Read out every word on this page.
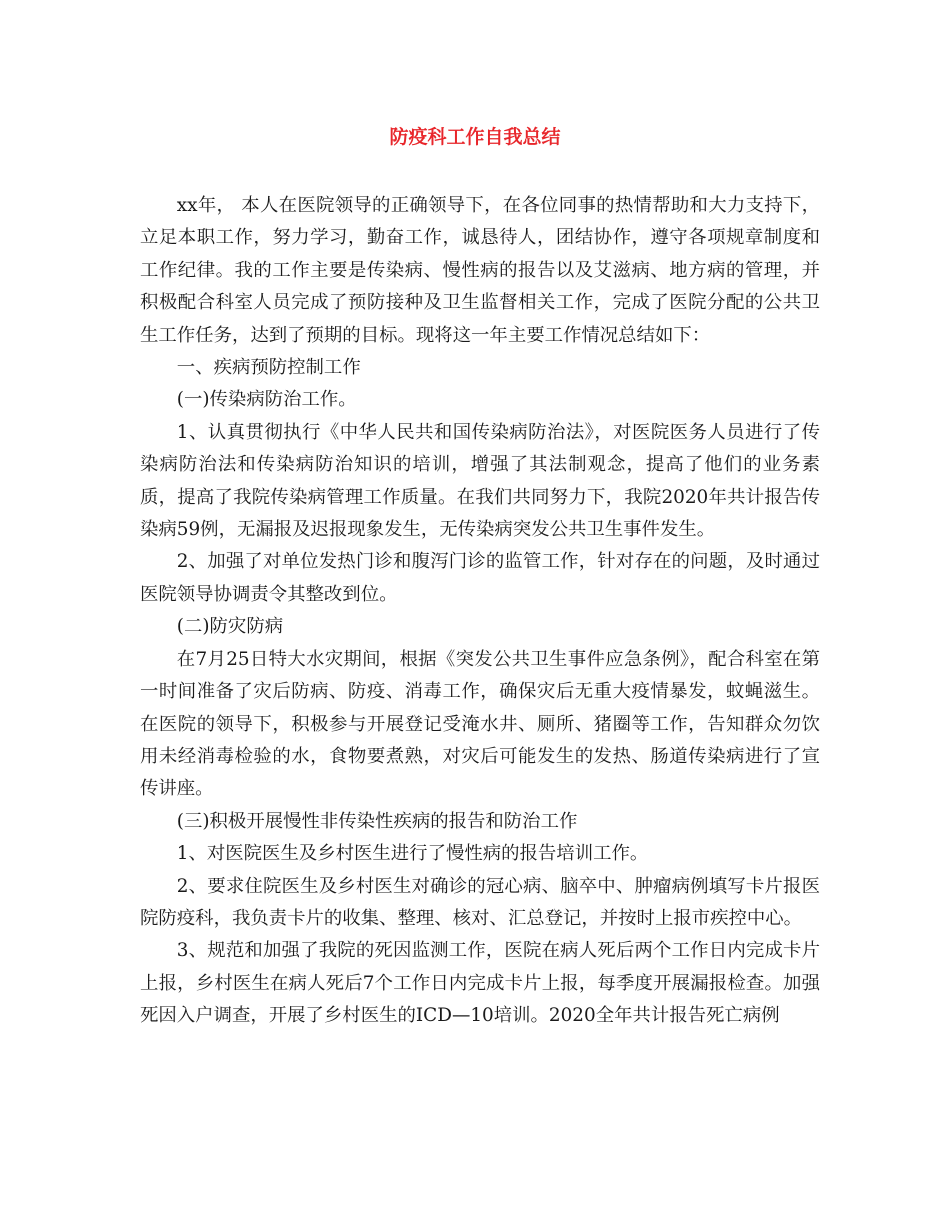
防疫科工作自我总结

xx年， 本人在医院领导的正确领导下，在各位同事的热情帮助和大力支持下，立足本职工作，努力学习，勤奋工作，诚恳待人，团结协作，遵守各项规章制度和工作纪律。我的工作主要是传染病、慢性病的报告以及艾滋病、地方病的管理，并积极配合科室人员完成了预防接种及卫生监督相关工作，完成了医院分配的公共卫生工作任务，达到了预期的目标。现将这一年主要工作情况总结如下：

一、疾病预防控制工作

(一)传染病防治工作。

1、认真贯彻执行《中华人民共和国传染病防治法》，对医院医务人员进行了传染病防治法和传染病防治知识的培训，增强了其法制观念，提高了他们的业务素质，提高了我院传染病管理工作质量。在我们共同努力下，我院2020年共计报告传染病59例，无漏报及迟报现象发生，无传染病突发公共卫生事件发生。

2、加强了对单位发热门诊和腹泻门诊的监管工作，针对存在的问题，及时通过医院领导协调责令其整改到位。

(二)防灾防病

在7月25日特大水灾期间，根据《突发公共卫生事件应急条例》，配合科室在第一时间准备了灾后防病、防疫、消毒工作，确保灾后无重大疫情暴发，蚊蝇滋生。在医院的领导下，积极参与开展登记受淹水井、厕所、猪圈等工作，告知群众勿饮用未经消毒检验的水，食物要煮熟，对灾后可能发生的发热、肠道传染病进行了宣传讲座。

(三)积极开展慢性非传染性疾病的报告和防治工作

1、对医院医生及乡村医生进行了慢性病的报告培训工作。

2、要求住院医生及乡村医生对确诊的冠心病、脑卒中、肿瘤病例填写卡片报医院防疫科，我负责卡片的收集、整理、核对、汇总登记，并按时上报市疾控中心。

3、规范和加强了我院的死因监测工作，医院在病人死后两个工作日内完成卡片上报，乡村医生在病人死后7个工作日内完成卡片上报，每季度开展漏报检查。加强死因入户调查，开展了乡村医生的ICD—10培训。2020全年共计报告死亡病例
